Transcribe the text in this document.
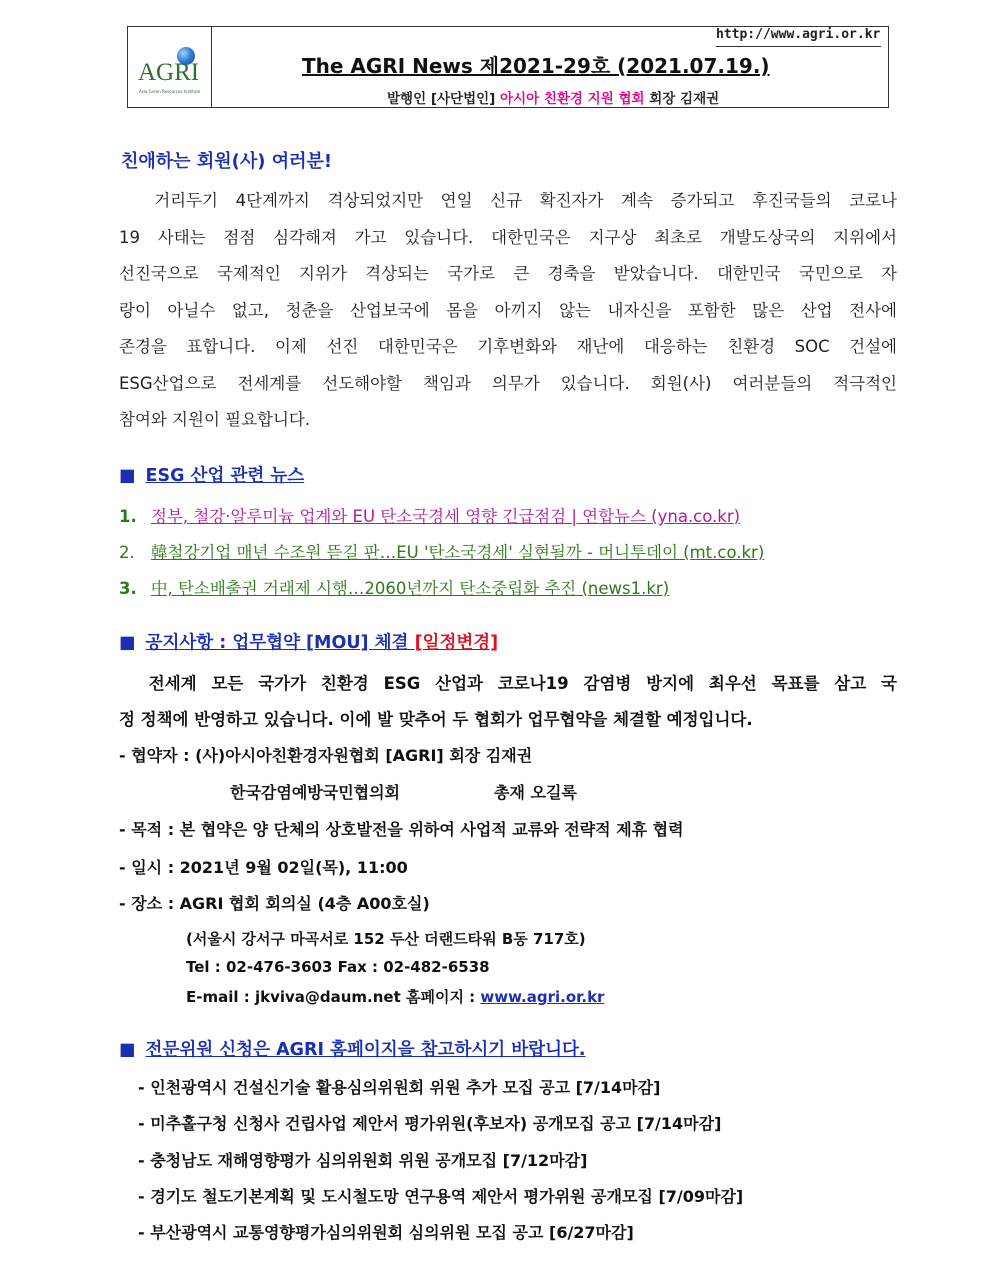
http://www.agri.or.kr
AGRI
Asia Green Resources Institute
The AGRI News 제2021-29호 (2021.07.19.)
발행인 [사단법인] 아시아 친환경 지원 협회 회장 김재권
친애하는 회원(사) 여러분!
거리두기 4단계까지 격상되었지만 연일 신규 확진자가 계속 증가되고 후진국들의 코로나
19 사태는 점점 심각해져 가고 있습니다. 대한민국은 지구상 최초로 개발도상국의 지위에서
선진국으로 국제적인 지위가 격상되는 국가로 큰 경축을 받았습니다. 대한민국 국민으로 자
랑이 아닐수 없고, 청춘을 산업보국에 몸을 아끼지 않는 내자신을 포함한 많은 산업 전사에
존경을 표합니다. 이제 선진 대한민국은 기후변화와 재난에 대응하는 친환경 SOC 건설에
ESG산업으로 전세계를 선도해야할 책임과 의무가 있습니다. 회원(사) 여러분들의 적극적인
참여와 지원이 필요합니다.
■ ESG 산업 관련 뉴스
1. 정부, 철강·알루미늄 업계와 EU 탄소국경세 영향 긴급점검 | 연합뉴스 (yna.co.kr)
2. 韓철강기업 매년 수조원 뜯길 판…EU '탄소국경세' 실현될까 - 머니투데이 (mt.co.kr)
3. 中, 탄소배출권 거래제 시행…2060년까지 탄소중립화 추진 (news1.kr)
■ 공지사항 : 업무협약 [MOU] 체결 [일정변경]
전세계 모든 국가가 친환경 ESG 산업과 코로나19 감염병 방지에 최우선 목표를 삼고 국
정 정책에 반영하고 있습니다. 이에 발 맞추어 두 협회가 업무협약을 체결할 예정입니다.
- 협약자 : (사)아시아친환경자원협회 [AGRI] 회장 김재권
한국감염예방국민협의회	총재 오길록
- 목적 : 본 협약은 양 단체의 상호발전을 위하여 사업적 교류와 전략적 제휴 협력
- 일시 : 2021년 9월 02일(목), 11:00
- 장소 : AGRI 협회 회의실 (4층 A00호실)
(서울시 강서구 마곡서로 152 두산 더랜드타워 B동 717호)
Tel : 02-476-3603 Fax : 02-482-6538
E-mail : jkviva@daum.net 홈페이지 : www.agri.or.kr
■ 전문위원 신청은 AGRI 홈페이지을 참고하시기 바랍니다.
- 인천광역시 건설신기술 활용심의위원회 위원 추가 모집 공고 [7/14마감]
- 미추홀구청 신청사 건립사업 제안서 평가위원(후보자) 공개모집 공고 [7/14마감]
- 충청남도 재해영향평가 심의위원회 위원 공개모집 [7/12마감]
- 경기도 철도기본계획 및 도시철도망 연구용역 제안서 평가위원 공개모집 [7/09마감]
- 부산광역시 교통영향평가심의위원회 심의위원 모집 공고 [6/27마감]
